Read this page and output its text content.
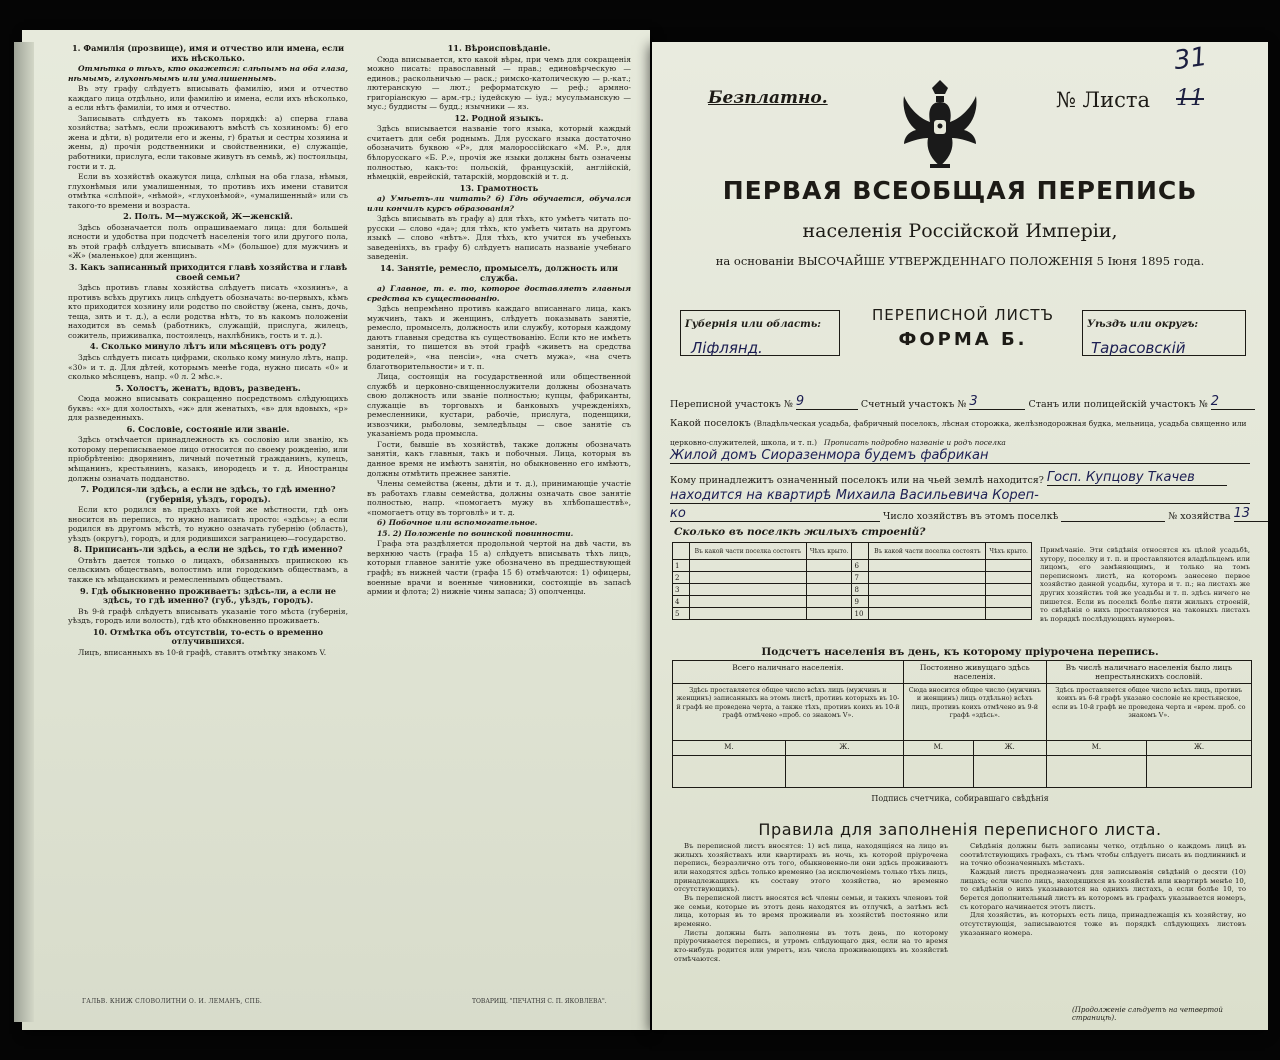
1. Фамилія (прозвище), имя и отчество или имена, если ихъ нѣсколько.

Отмѣтка о тѣхъ, кто окажется: слѣпымъ на оба глаза, нѣмымъ, глухонѣмымъ или умалишеннымъ.

Въ эту графу слѣдуетъ вписывать фамилію, имя и отчество каждаго лица отдѣльно, или фамилію и имена, если ихъ нѣсколько, а если нѣтъ фамиліи, то имя и отчество.

Записывать слѣдуетъ въ такомъ порядкѣ: а) сперва глава хозяйства; затѣмъ, если проживаютъ вмѣстѣ съ хозяиномъ: б) его жена и дѣти, в) родители его и жены, г) братья и сестры хозяина и жены, д) прочія родственники и свойственники, е) служащіе, работники, прислуга, если таковые живутъ въ семьѣ, ж) постояльцы, гости и т. д.

Если въ хозяйствѣ окажутся лица, слѣпыя на оба глаза, нѣмыя, глухонѣмыя или умалишенныя, то противъ ихъ имени ставится отмѣтка «слѣпой», «нѣмой», «глухонѣмой», «умалишенный» или съ такого-то времени и возраста.

2. Полъ. М—мужской, Ж—женскій.

Здѣсь обозначается полъ опрашиваемаго лица: для большей ясности и удобства при подсчетѣ населенія того или другого пола, въ этой графѣ слѣдуетъ вписывать «М» (большое) для мужчинъ и «Ж» (маленькое) для женщинъ.

3. Какъ записанный приходится главѣ хозяйства и главѣ своей семьи?

Здѣсь противъ главы хозяйства слѣдуетъ писать «хозяинъ», а противъ всѣхъ другихъ лицъ слѣдуетъ обозначать: во-первыхъ, кѣмъ кто приходится хозяину или родство по свойству (жена, сынъ, дочь, теща, зять и т. д.), а если родства нѣтъ, то въ какомъ положеніи находится въ семьѣ (работникъ, служащій, прислуга, жилецъ, сожитель, приживалка, постоялецъ, нахлѣбникъ, гость и т. д.).

4. Сколько минуло лѣтъ или мѣсяцевъ отъ роду?

Здѣсь слѣдуетъ писать цифрами, сколько кому минуло лѣтъ, напр. «30» и т. д. Для дѣтей, которымъ менѣе года, нужно писать «0» и сколько мѣсяцевъ, напр. «0 л. 2 мѣс.».

5. Холостъ, женатъ, вдовъ, разведенъ.

Сюда можно вписывать сокращенно посредствомъ слѣдующихъ буквъ: «х» для холостыхъ, «ж» для женатыхъ, «в» для вдовыхъ, «р» для разведенныхъ.

6. Сословіе, состояніе или званіе.

Здѣсь отмѣчается принадлежность къ сословію или званію, къ которому переписываемое лицо относится по своему рожденію, или пріобрѣтенію: дворянинъ, личный почетный гражданинъ, купецъ, мѣщанинъ, крестьянинъ, казакъ, инородецъ и т. д. Иностранцы должны означать подданство.

7. Родился-ли здѣсь, а если не здѣсь, то гдѣ именно? (губернія, уѣздъ, городъ).

Если кто родился въ предѣлахъ той же мѣстности, гдѣ онъ вносится въ перепись, то нужно написать просто: «здѣсь»; а если родился въ другомъ мѣстѣ, то нужно означать губернію (область), уѣздъ (округъ), городъ, и для родившихся заграницею—государство.

8. Приписанъ-ли здѣсь, а если не здѣсь, то гдѣ именно?

Отвѣтъ дается только о лицахъ, обязанныхъ припискою къ сельскимъ обществамъ, волостямъ или городскимъ обществамъ, а также къ мѣщанскимъ и ремесленнымъ обществамъ.

9. Гдѣ обыкновенно проживаетъ: здѣсь-ли, а если не здѣсь, то гдѣ именно? (губ., уѣздъ, городъ).

Въ 9-й графѣ слѣдуетъ вписывать указаніе того мѣста (губернія, уѣздъ, городъ или волость), гдѣ кто обыкновенно проживаетъ.

10. Отмѣтка объ отсутствіи, то-есть о временно отлучившихся.

Лицъ, вписанныхъ въ 10-й графѣ, ставятъ отмѣтку знакомъ V.

11. Вѣроисповѣданіе.

Сюда вписывается, кто какой вѣры, при чемъ для сокращенія можно писать: православный — прав.; единовѣрческую — единов.; раскольничью — раск.; римско-католическую — р.-кат.; лютеранскую — лют.; реформатскую — реф.; армяно-григоріанскую — арм.-гр.; іудейскую — іуд.; мусульманскую — мус.; буддисты — будд.; язычники — яз.

12. Родной языкъ.

Здѣсь вписывается названіе того языка, который каждый считаетъ для себя роднымъ. Для русскаго языка достаточно обозначить буквою «Р», для малороссійскаго «М. Р.», для бѣлорусскаго «Б. Р.», прочія же языки должны быть означены полностью, какъ-то: польскій, французскій, англійскій, нѣмецкій, еврейскій, татарскій, мордовскій и т. д.

13. Грамотность

а) Умѣетъ-ли читать? б) Гдѣ обучается, обучался или кончилъ курсъ образованія?

Здѣсь вписывать въ графу а) для тѣхъ, кто умѣетъ читать по-русски — слово «да»; для тѣхъ, кто умѣетъ читать на другомъ языкѣ — слово «нѣтъ». Для тѣхъ, кто учится въ учебныхъ заведеніяхъ, въ графу б) слѣдуетъ написать названіе учебнаго заведенія.

14. Занятіе, ремесло, промыселъ, должность или служба.

а) Главное, т. е. то, которое доставляетъ главныя средства къ существованію.

Здѣсь непремѣнно противъ каждаго вписаннаго лица, какъ мужчинъ, такъ и женщинъ, слѣдуетъ показывать занятіе, ремесло, промыселъ, должность или службу, которыя каждому даютъ главныя средства къ существованію. Если кто не имѣетъ занятія, то пишется въ этой графѣ «живетъ на средства родителей», «на пенсіи», «на счетъ мужа», «на счетъ благотворительности» и т. п.

Лица, состоящія на государственной или общественной службѣ и церковно-священнослужители должны обозначать свою должность или званіе полностью; купцы, фабриканты, служащіе въ торговыхъ и банковыхъ учрежденіяхъ, ремесленники, кустари, рабочіе, прислуга, поденщики, извозчики, рыболовы, земледѣльцы — свое занятіе съ указаніемъ рода промысла.

Гости, бывшіе въ хозяйствѣ, также должны обозначать занятія, какъ главныя, такъ и побочныя. Лица, которыя въ данное время не имѣютъ занятія, но обыкновенно его имѣютъ, должны отмѣтить прежнее занятіе.

Члены семейства (жены, дѣти и т. д.), принимающіе участіе въ работахъ главы семейства, должны означать свое занятіе полностью, напр. «помогаетъ мужу въ хлѣбопашествѣ», «помогаетъ отцу въ торговлѣ» и т. д.

б) Побочное или вспомогательное.

15. 2) Положеніе по воинской повинности.

Графа эта раздѣляется продольной чертой на двѣ части, въ верхнюю часть (графа 15 а) слѣдуетъ вписывать тѣхъ лицъ, которыя главное занятіе уже обозначено въ предшествующей графѣ; въ нижней части (графа 15 б) отмѣчаются: 1) офицеры, военные врачи и военные чиновники, состоящіе въ запасѣ армии и флота; 2) нижніе чины запаса; 3) ополченцы.

ГАЛЬВ. КНИЖ СЛОВОЛИТНИ О. И. ЛЕМАНЪ, СПБ.	ТОВАРИЩ. "ПЕЧАТНЯ С. П. ЯКОВЛЕВА".
31
Безплатно.	№ Листа 11
ПЕРВАЯ ВСЕОБЩАЯ ПЕРЕПИСЬ
населенія Россійской Имперіи,
на основаніи ВЫСОЧАЙШЕ УТВЕРЖДЕННАГО ПОЛОЖЕНІЯ 5 Іюня 1895 года.
Губернія или область:
Ліфлянд.
ПЕРЕПИСНОЙ ЛИСТЪ
ФОРМА Б.
Уѣздъ или округъ:
Тарасовскій
Переписной участокъ № 9	Счетный участокъ № 3	Станъ или полицейскій участокъ № 2
Какой поселокъ (Владѣльческая усадьба, фабричный поселокъ, лѣсная сторожка, желѣзнодорожная будка, мельница, усадьба священно или
церковно-служителей, школа, и т. п.) Прописать подробно названіе и родъ поселка
Жилой домъ Сиоразенмора будемъ фабрикан
Кому принадлежитъ означенный поселокъ или на чьей землѣ находится? Госп. Купцову Ткачев
находится на квартирѣ Михаила Васильевича Кореп-
ко	Число хозяйствъ въ этомъ поселкѣ	№ хозяйства 13
Сколько въ поселкѣ жилыхъ строеній?
	Въ какой части поселка состоятъ	Чѣхъ крыто.		Въ какой части поселка состоятъ	Чѣхъ крыто.
1			6		
2			7		
3			8		
4			9		
5			10		
Примѣчаніе. Эти свѣдѣнія относятся къ цѣлой усадьбѣ, хутору, поселку и т. п. и проставляются владѣльцемъ или лицомъ, его замѣняющимъ, и только на томъ переписномъ листѣ, на которомъ занесено первое хозяйство данной усадьбы, хутора и т. п.; на листахъ же других хозяйствъ той же усадьбы и т. п. здѣсь ничего не пишется. Если въ поселкѣ болѣе пяти жилыхъ строеній, то свѣдѣнія о нихъ проставляются на таковыхъ листахъ въ порядкѣ послѣдующихъ нумеровъ.
Подсчетъ населенія въ день, къ которому пріурочена перепись.
Всего наличнаго населенія.		Постоянно живущаго здѣсь населенія.		Въ числѣ наличнаго населенія было лицъ непрестьянскихъ сословій.	
Здѣсь проставляется общее число всѣхъ лицъ (мужчинъ и женщинъ) записанныхъ на этомъ листѣ, противъ которыхъ въ 10-й графѣ не проведена черта, а также тѣхъ, противъ коихъ въ 10-й графѣ отмѣчено «проб. со знакомъ V».		Сюда вносится общее число (мужчинъ и женщинъ) лицъ отдѣльно) всѣхъ лицъ, противъ коихъ отмѣчено въ 9-й графѣ «здѣсь».		Здѣсь проставляется общее число всѣхъ лицъ, противъ коихъ въ 6-й графѣ указано сословіе не крестьянское, если въ 10-й графѣ не проведена черта и «врем. проб. со знакомъ V».	
М.	Ж.	М.	Ж.	М.	Ж.

Подпись счетчика, собиравшаго свѣдѣнія
Правила для заполненія переписного листа.

Въ переписной листъ вносятся: 1) всѣ лица, находящіяся на лицо въ жилыхъ хозяйствахъ или квартирахъ въ ночь, къ которой пріурочена перепись, безразлично отъ того, обыкновенно-ли они здѣсь проживаютъ или находятся здѣсь только временно (за исключеніемъ только тѣхъ лицъ, принадлежащихъ къ составу этого хозяйства, но временно отсутствующихъ).

Въ переписной листъ вносятся всѣ члены семьи, и такихъ членовъ той же семьи, которые въ этотъ день находятся въ отлучкѣ, а затѣмъ всѣ лица, которыя въ то время проживали въ хозяйствѣ постоянно или временно.

Листы должны быть заполнены въ тотъ день, по которому пріурочивается перепись, и утромъ слѣдующаго дня, если на то время кто-нибудь родится или умретъ, изъ числа проживающихъ въ хозяйствѣ отмѣчаются.

Свѣдѣнія должны быть записаны четко, отдѣльно о каждомъ лицѣ въ соотвѣтствующихъ графахъ, съ тѣмъ чтобы слѣдуетъ писать въ подлинникѣ и на точно обозначенныхъ мѣстахъ.

Каждый листъ предназначенъ для записыванія свѣдѣній о десяти (10) лицахъ; если число лицъ, находящихся въ хозяйствѣ или квартирѣ менѣе 10, то свѣдѣнія о нихъ указываются на однихъ листахъ, а если болѣе 10, то берется дополнительный листъ въ которомъ въ графахъ указывается номеръ, съ котораго начинается этотъ листъ.

Для хозяйствъ, въ которыхъ есть лица, принадлежащія къ хозяйству, но отсутствующія, записываются тоже въ порядкѣ слѣдующихъ листовъ указаннаго номера.

(Продолженіе слѣдуетъ на четвертой страницѣ).
